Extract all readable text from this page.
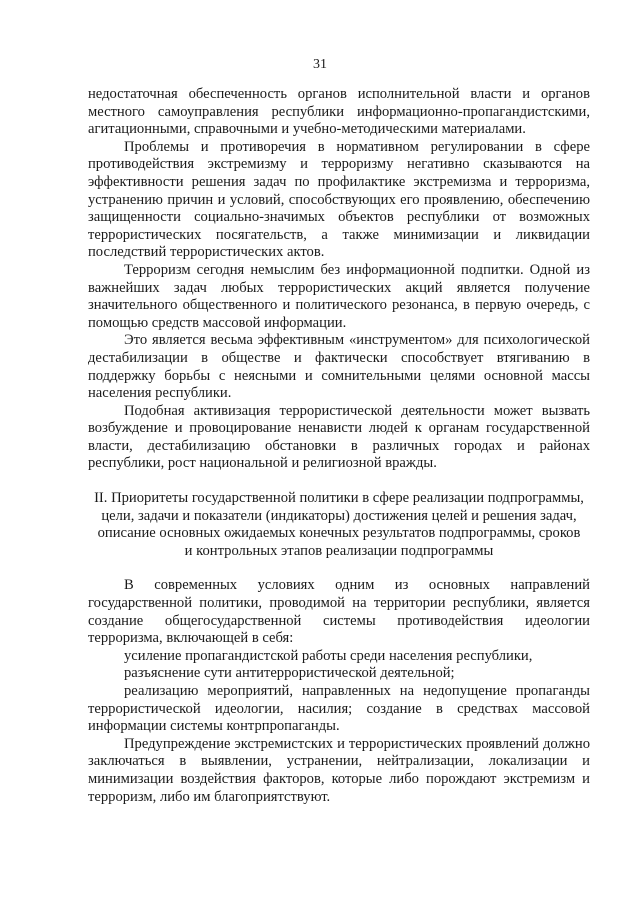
31

недостаточная обеспеченность органов исполнительной власти и органов местного самоуправления республики информационно-пропагандистскими, агитационными, справочными и учебно-методическими материалами.

Проблемы и противоречия в нормативном регулировании в сфере противодействия экстремизму и терроризму негативно сказываются на эффективности решения задач по профилактике экстремизма и терроризма, устранению причин и условий, способствующих его проявлению, обеспечению защищенности социально-значимых объектов республики от возможных террористических посягательств, а также минимизации и ликвидации последствий террористических актов.

Терроризм сегодня немыслим без информационной подпитки. Одной из важнейших задач любых террористических акций является получение значительного общественного и политического резонанса, в первую очередь, с помощью средств массовой информации.

Это является весьма эффективным «инструментом» для психологической дестабилизации в обществе и фактически способствует втягиванию в поддержку борьбы с неясными и сомнительными целями основной массы населения республики.

Подобная активизация террористической деятельности может вызвать возбуждение и провоцирование ненависти людей к органам государственной власти, дестабилизацию обстановки в различных городах и районах республики, рост национальной и религиозной вражды.

II. Приоритеты государственной политики в сфере реализации подпрограммы, цели, задачи и показатели (индикаторы) достижения целей и решения задач, описание основных ожидаемых конечных результатов подпрограммы, сроков и контрольных этапов реализации подпрограммы

В современных условиях одним из основных направлений государственной политики, проводимой на территории республики, является создание общегосударственной системы противодействия идеологии терроризма, включающей в себя:

усиление пропагандистской работы среди населения республики,

разъяснение сути антитеррористической деятельной;

реализацию мероприятий, направленных на недопущение пропаганды террористической идеологии, насилия; создание в средствах массовой информации системы контрпропаганды.

Предупреждение экстремистских и террористических проявлений должно заключаться в выявлении, устранении, нейтрализации, локализации и минимизации воздействия факторов, которые либо порождают экстремизм и терроризм, либо им благоприятствуют.
